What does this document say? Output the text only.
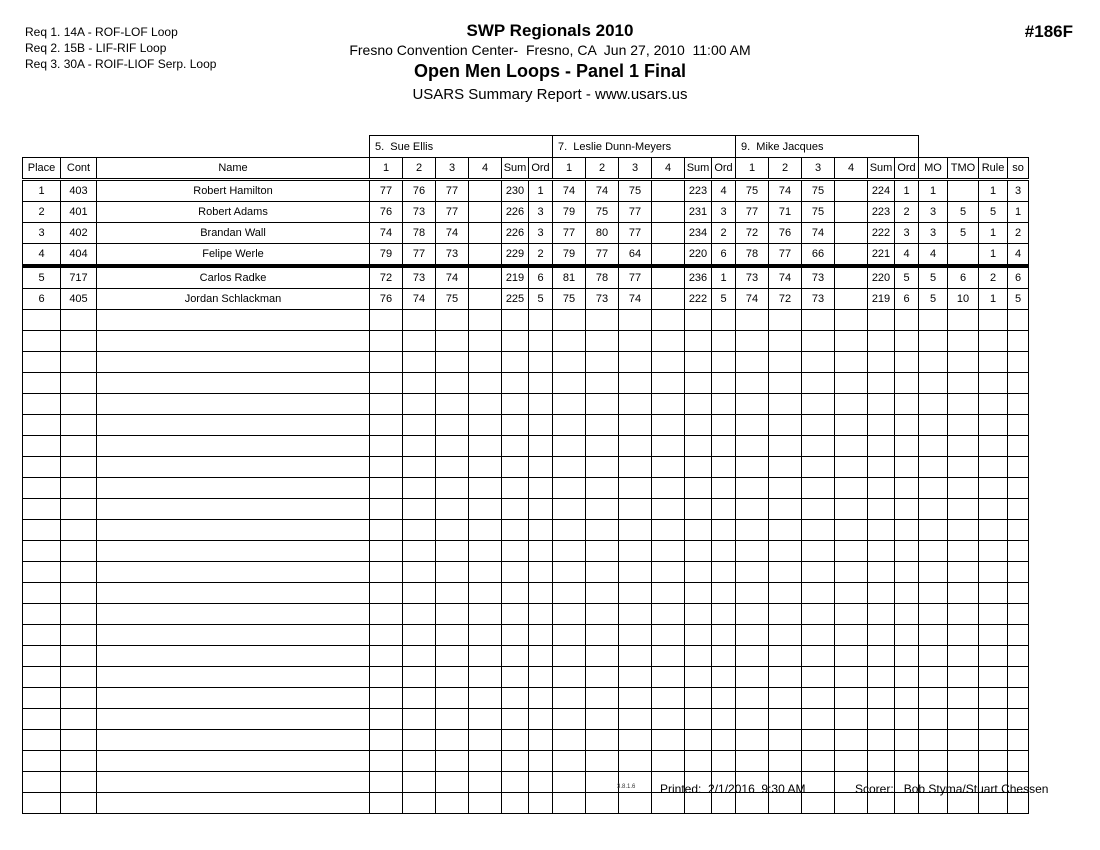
Req 1. 14A - ROF-LOF Loop
Req 2. 15B - LIF-RIF Loop
Req 3. 30A - ROIF-LIOF Serp. Loop
SWP Regionals 2010
Fresno Convention Center-  Fresno, CA  Jun 27, 2010  11:00 AM
Open Men Loops - Panel 1 Final
USARS Summary Report - www.usars.us
#186F
			5.  Sue Ellis						7.  Leslie Dunn-Meyers						9.  Mike Jacques									
Place	Cont	Name	1	2	3	4	Sum	Ord	1	2	3	4	Sum	Ord	1	2	3	4	Sum	Ord	MO	TMO	Rule	so
1	403	Robert Hamilton	77	76	77		230	1	74	74	75		223	4	75	74	75		224	1	1		1	3
2	401	Robert Adams	76	73	77		226	3	79	75	77		231	3	77	71	75		223	2	3	5	5	1
3	402	Brandan Wall	74	78	74		226	3	77	80	77		234	2	72	76	74		222	3	3	5	1	2
4	404	Felipe Werle	79	77	73		229	2	79	77	64		220	6	78	77	66		221	4	4		1	4
5	717	Carlos Radke	72	73	74		219	6	81	78	77		236	1	73	74	73		220	5	5	6	2	6
6	405	Jordan Schlackman	76	74	75		225	5	75	73	74		222	5	74	72	73		219	6	5	10	1	5

3.8.1.6 Printed: 2/1/2016  9:30 AM	Scorer: Bob Styma/Stuart Chessen
